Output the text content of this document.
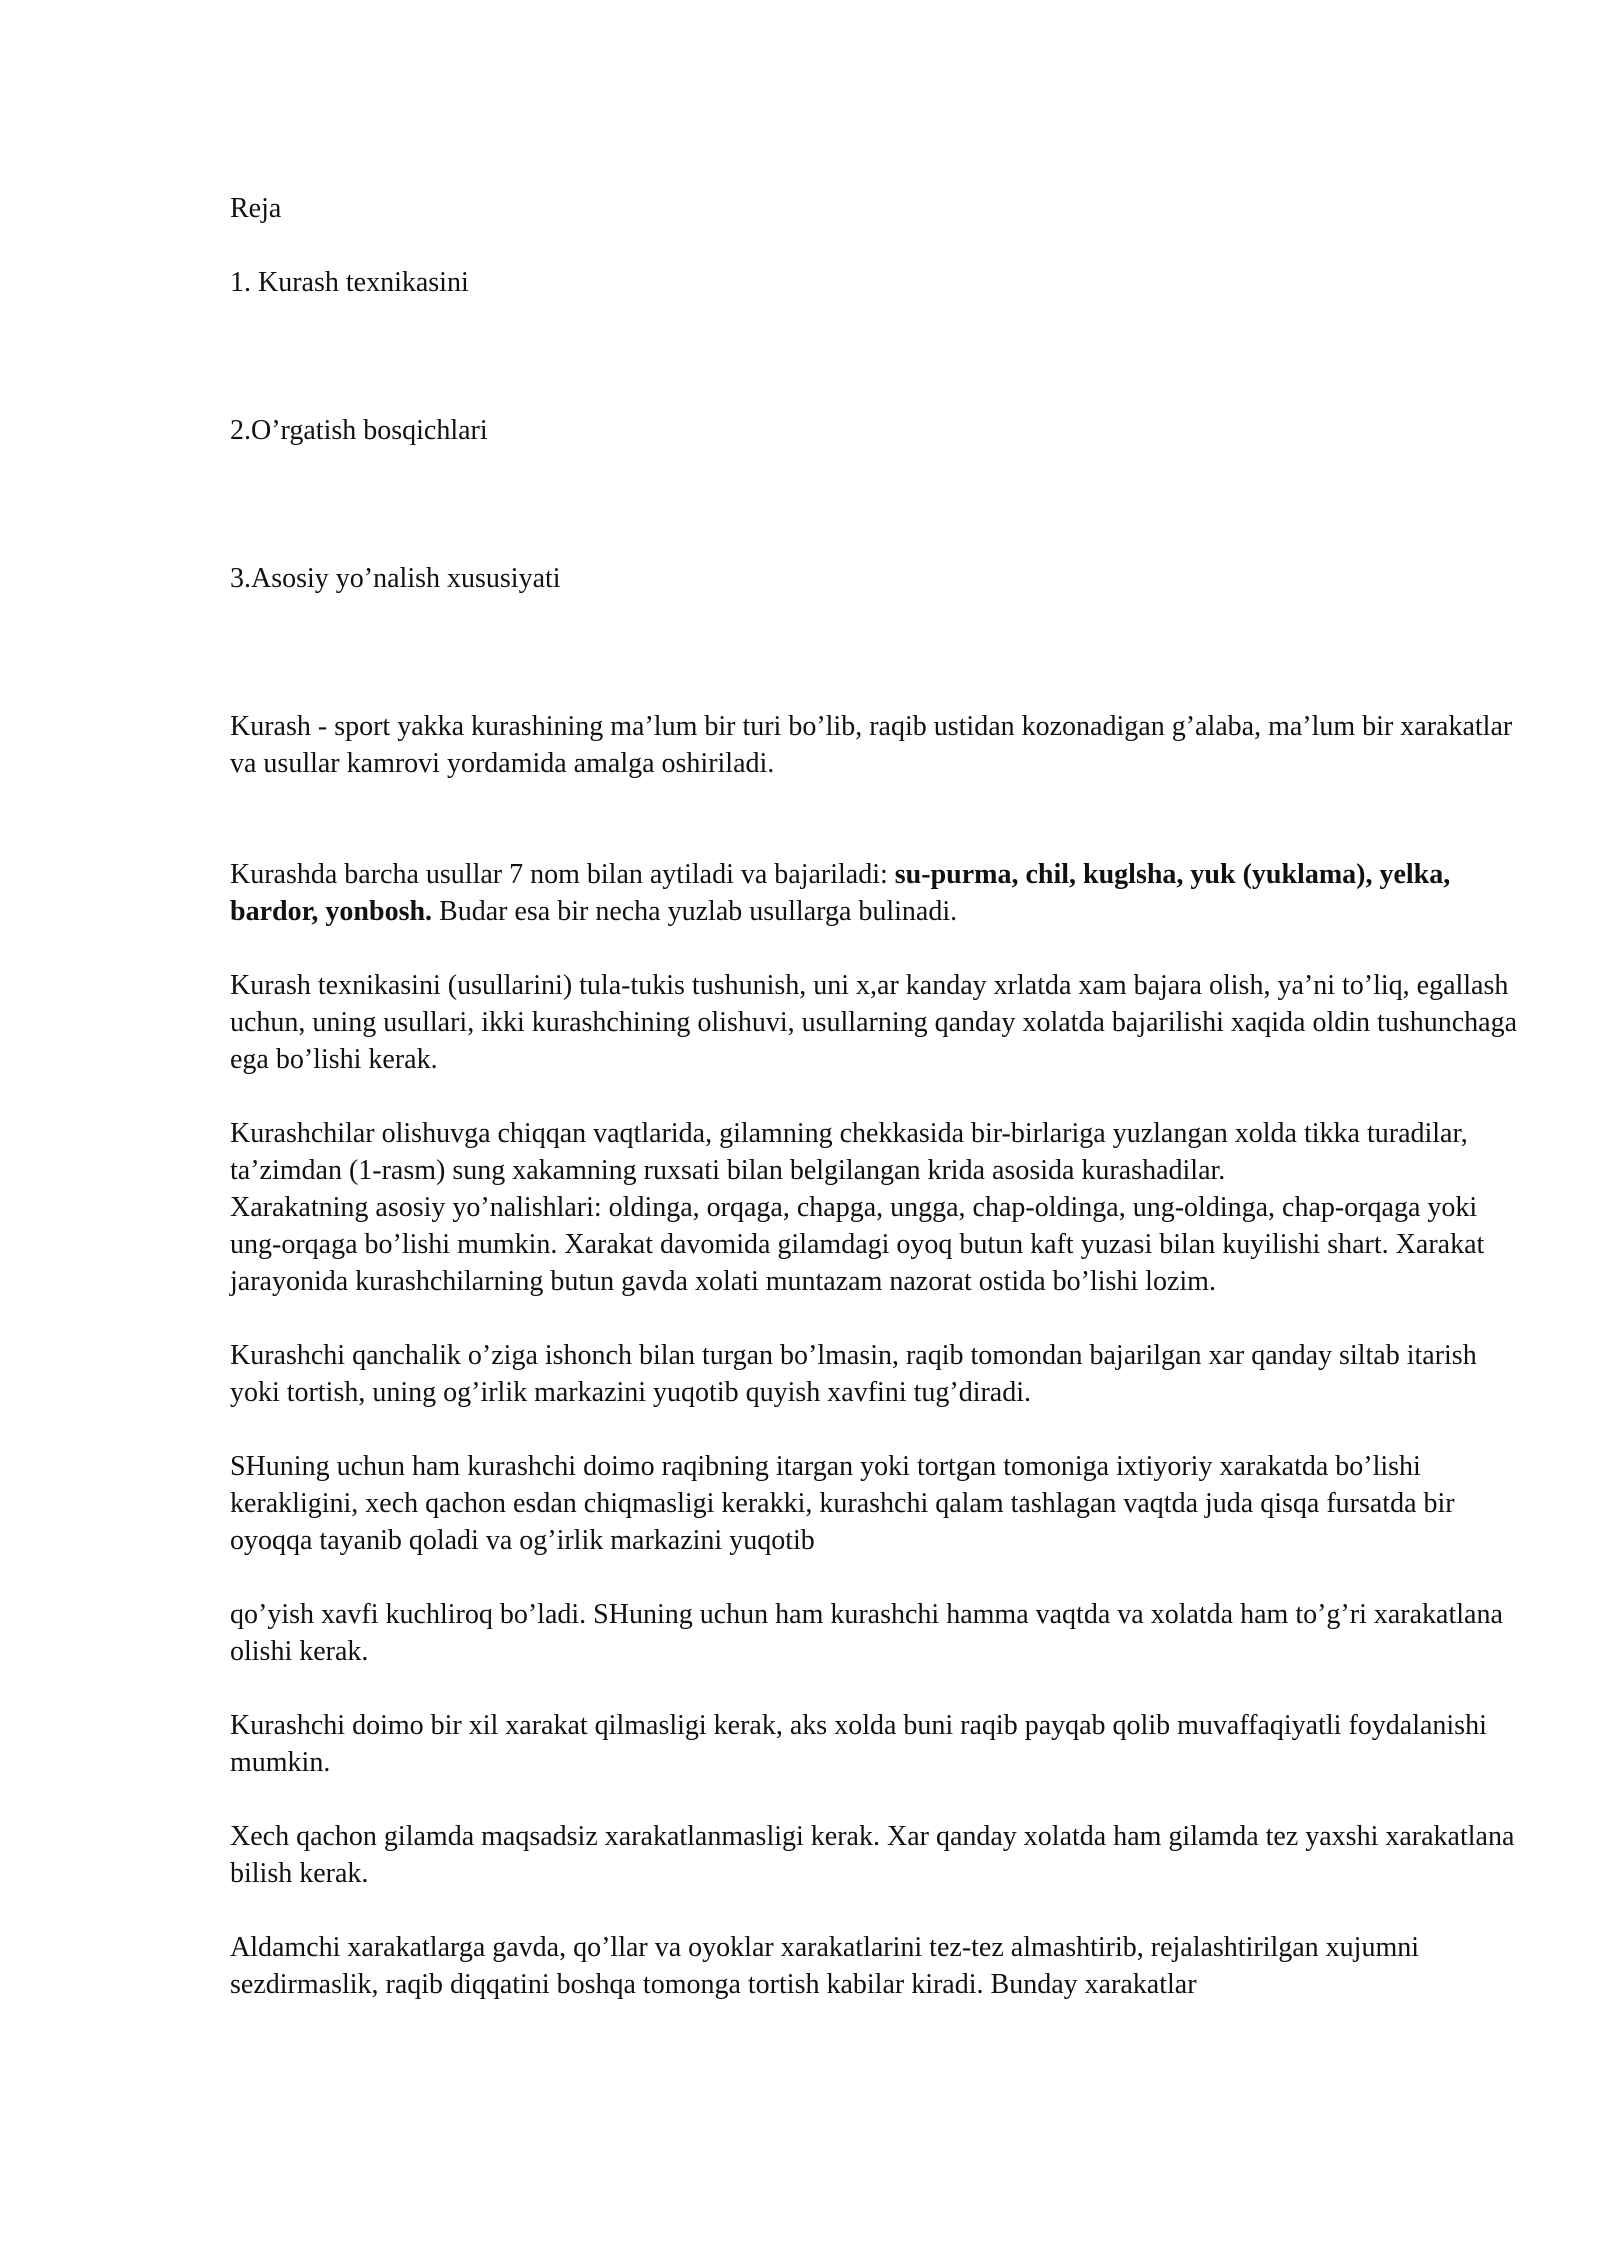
Reja

1. Kurash texnikasini

2.O’rgatish bosqichlari

3.Asosiy yo’nalish xususiyati

Kurash - sport yakka kurashining ma’lum bir turi bo’lib, raqib ustidan kozonadigan g’alaba, ma’lum bir xarakatlar va usullar kamrovi yordamida amalga oshiriladi.

Kurashda barcha usullar 7 nom bilan aytiladi va bajariladi: su-purma, chil, kuglsha, yuk (yuklama), yelka, bardor, yonbosh. Budar esa bir necha yuzlab usullarga bulinadi.

Kurash texnikasini (usullarini) tula-tukis tushunish, uni x,ar kanday xrlatda xam bajara olish, ya’ni to’liq, egallash uchun, uning usullari, ikki kurashchining olishuvi, usullarning qanday xolatda bajarilishi xaqida oldin tushunchaga ega bo’lishi kerak.

Kurashchilar olishuvga chiqqan vaqtlarida, gilamning chekkasida bir-birlariga yuzlangan xolda tikka turadilar, ta’zimdan (1-rasm) sung xakamning ruxsati bilan belgilangan krida asosida kurashadilar.

Xarakatning asosiy yo’nalishlari: oldinga, orqaga, chapga, ungga, chap-oldinga, ung-oldinga, chap-orqaga yoki ung-orqaga bo’lishi mumkin. Xarakat davomida gilamdagi oyoq butun kaft yuzasi bilan kuyilishi shart. Xarakat jarayonida kurashchilarning butun gavda xolati muntazam nazorat ostida bo’lishi lozim.

Kurashchi qanchalik o’ziga ishonch bilan turgan bo’lmasin, raqib tomondan bajarilgan xar qanday siltab itarish yoki tortish, uning og’irlik markazini yuqotib quyish xavfini tug’diradi.

SHuning uchun ham kurashchi doimo raqibning itargan yoki tortgan tomoniga ixtiyoriy xarakatda bo’lishi kerakligini, xech qachon esdan chiqmasligi kerakki, kurashchi qalam tashlagan vaqtda juda qisqa fursatda bir oyoqqa tayanib qoladi va og’irlik markazini yuqotib

qo’yish xavfi kuchliroq bo’ladi. SHuning uchun ham kurashchi hamma vaqtda va xolatda ham to’g’ri xarakatlana olishi kerak.

Kurashchi doimo bir xil xarakat qilmasligi kerak, aks xolda buni raqib payqab qolib muvaffaqiyatli foydalanishi mumkin.

Xech qachon gilamda maqsadsiz xarakatlanmasligi kerak. Xar qanday xolatda ham gilamda tez yaxshi xarakatlana bilish kerak.

Aldamchi xarakatlarga gavda, qo’llar va oyoklar xarakatlarini tez-tez almashtirib, rejalashtirilgan xujumni sezdirmaslik, raqib diqqatini boshqa tomonga tortish kabilar kiradi. Bunday xarakatlar
